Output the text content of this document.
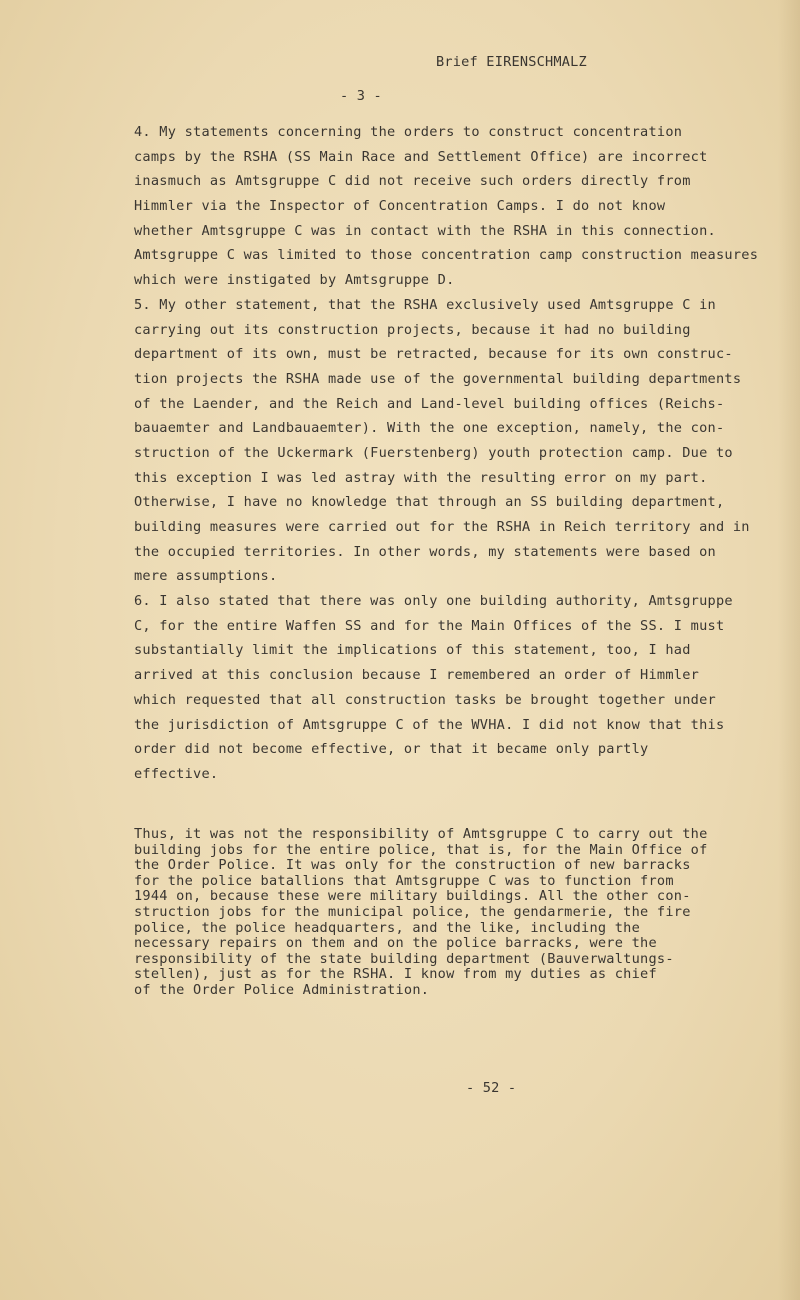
Brief EIRENSCHMALZ
- 3 -
4. My statements concerning the orders to construct concentration
camps by the RSHA (SS Main Race and Settlement Office) are incorrect
inasmuch as Amtsgruppe C did not receive such orders directly from
Himmler via the Inspector of Concentration Camps. I do not know
whether Amtsgruppe C was in contact with the RSHA in this connection.
Amtsgruppe C was limited to those concentration camp construction measures
which were instigated by Amtsgruppe D.
5. My other statement, that the RSHA exclusively used Amtsgruppe C in
carrying out its construction projects, because it had no building
department of its own, must be retracted, because for its own construc-
tion projects the RSHA made use of the governmental building departments
of the Laender, and the Reich and Land-level building offices (Reichs-
bauaemter and Landbauaemter). With the one exception, namely, the con-
struction of the Uckermark (Fuerstenberg) youth protection camp. Due to
this exception I was led astray with the resulting error on my part.
Otherwise, I have no knowledge that through an SS building department,
building measures were carried out for the RSHA in Reich territory and in
the occupied territories. In other words, my statements were based on
mere assumptions.
6. I also stated that there was only one building authority, Amtsgruppe
C, for the entire Waffen SS and for the Main Offices of the SS. I must
substantially limit the implications of this statement, too, I had
arrived at this conclusion because I remembered an order of Himmler
which requested that all construction tasks be brought together under
the jurisdiction of Amtsgruppe C of the WVHA. I did not know that this
order did not become effective, or that it became only partly
effective.
Thus, it was not the responsibility of Amtsgruppe C to carry out the
building jobs for the entire police, that is, for the Main Office of
the Order Police. It was only for the construction of new barracks
for the police batallions that Amtsgruppe C was to function from
1944 on, because these were military buildings. All the other con-
struction jobs for the municipal police, the gendarmerie, the fire
police, the police headquarters, and the like, including the
necessary repairs on them and on the police barracks, were the
responsibility of the state building department (Bauverwaltungs-
stellen), just as for the RSHA. I know from my duties as chief
of the Order Police Administration.
- 52 -
